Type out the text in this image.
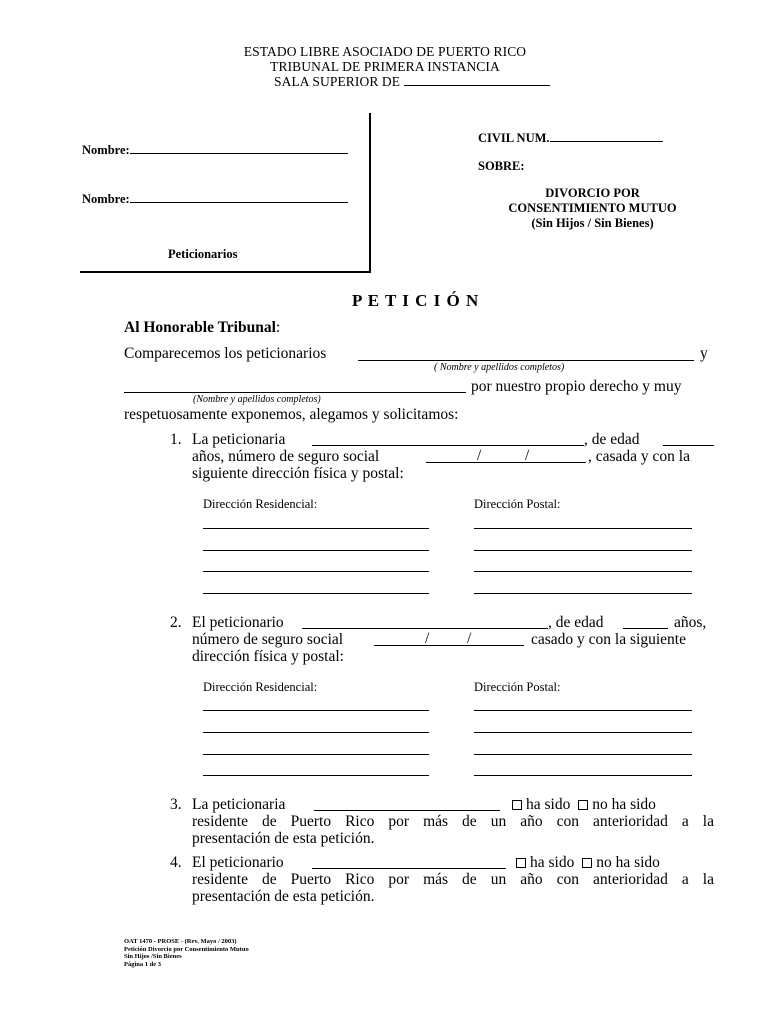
ESTADO LIBRE ASOCIADO DE PUERTO RICO
TRIBUNAL DE PRIMERA INSTANCIA
SALA SUPERIOR DE
Nombre:
Nombre:
Peticionarios
CIVIL NUM.
SOBRE:
DIVORCIO POR
CONSENTIMIENTO MUTUO
(Sin Hijos / Sin Bienes)
P E T I C I Ó N
Al Honorable Tribunal:
Comparecemos los peticionarios	y
( Nombre y apellidos completos)
por nuestro propio derecho y muy
(Nombre y apellidos completos)
respetuosamente exponemos, alegamos y solicitamos:
1. La peticionaria	, de edad
años, número de seguro social	/	/	, casada y con la
siguiente dirección física y postal:
Dirección Residencial:	Dirección Postal:
2. El peticionario	, de edad	años,
número de seguro social	/ /	casado y con la siguiente
dirección física y postal:
Dirección Residencial:	Dirección Postal:
3. La peticionaria	ha sido no ha sido
residente de Puerto Rico por más de un año con anterioridad a la
presentación de esta petición.
4. El peticionario	ha sido no ha sido
residente de Puerto Rico por más de un año con anterioridad a la
presentación de esta petición.
OAT 1470 - PROSE - (Rev. Mayo / 2003)
Petición Divorcio por Consentimiento Mutuo
Sin Hijos /Sin Bienes
Página 1 de 3
